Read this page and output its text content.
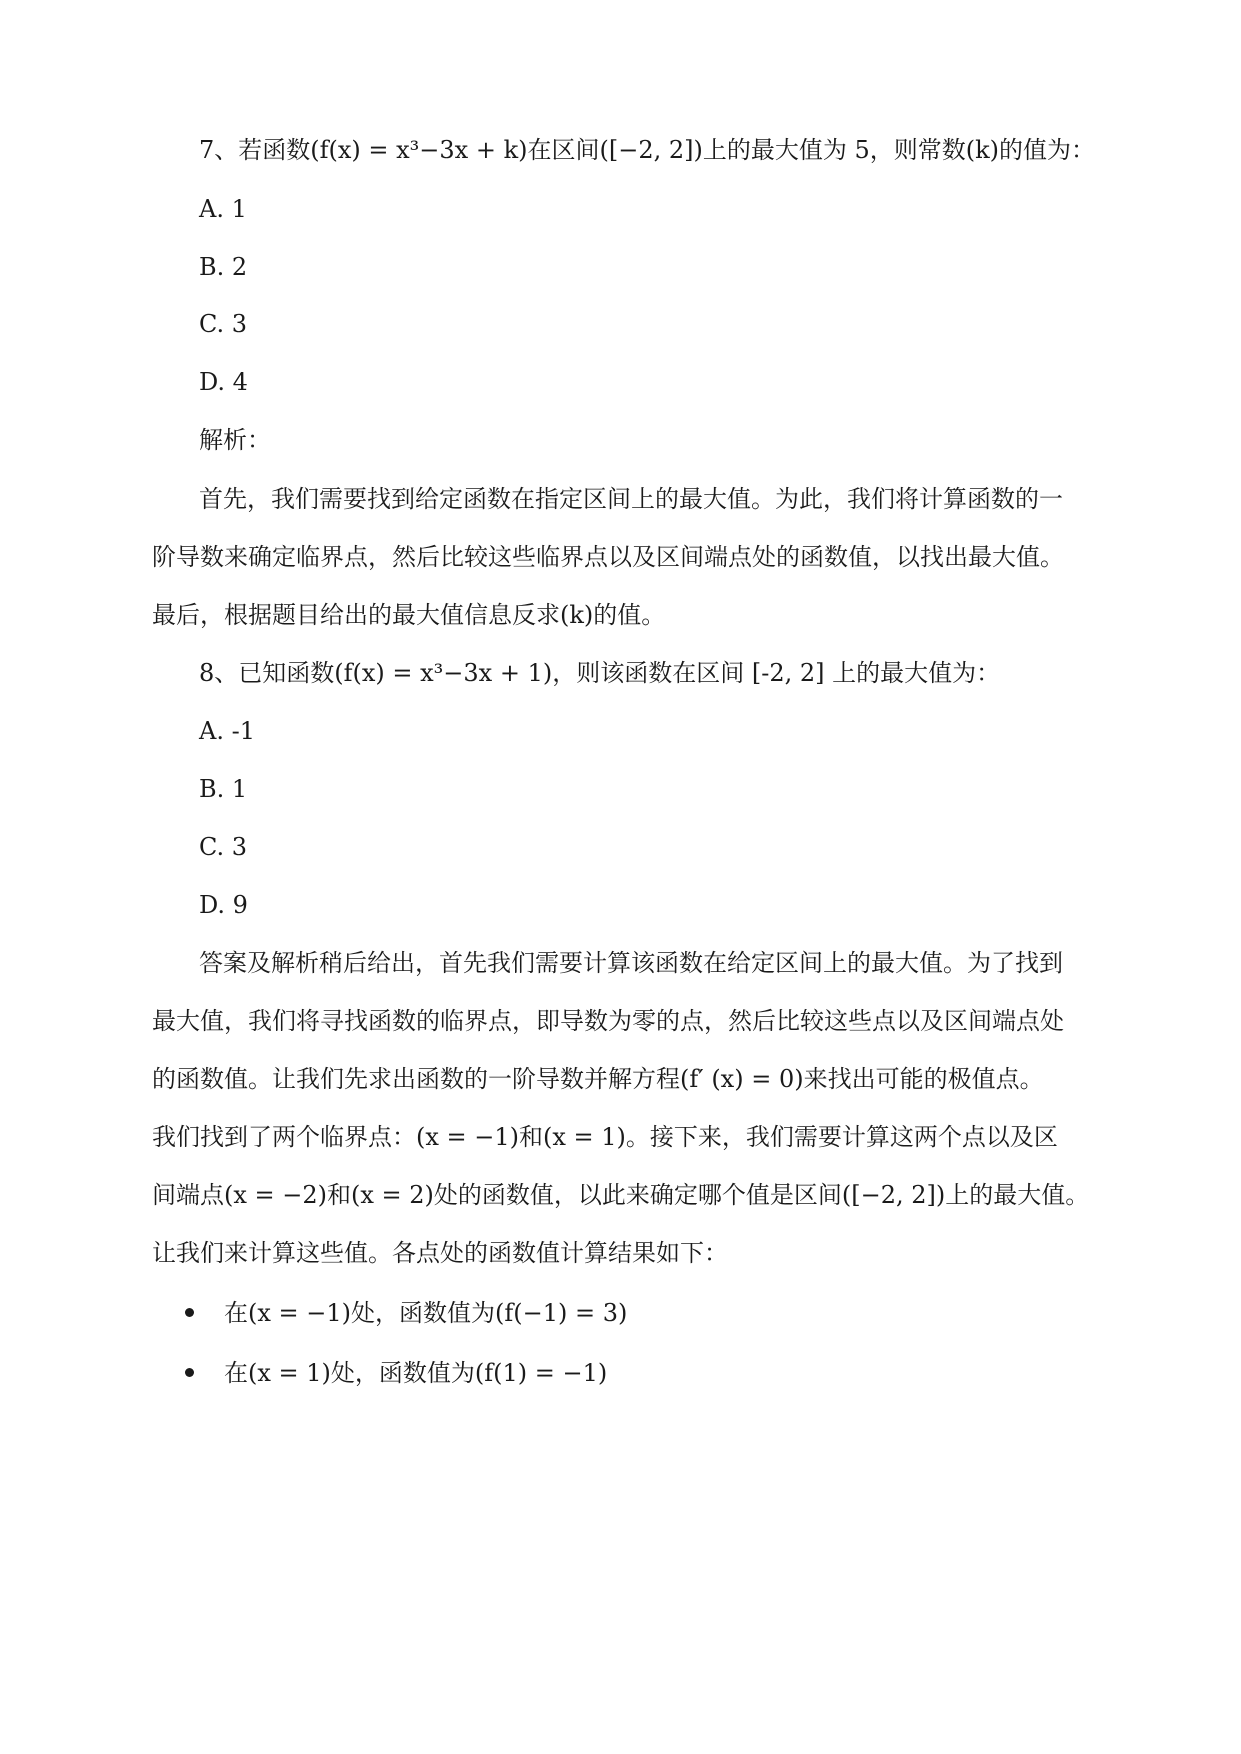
7、若函数(f(x) = x³−3x + k)在区间([−2, 2])上的最大值为 5，则常数(k)的值为：

A. 1

B. 2

C. 3

D. 4

解析：

首先，我们需要找到给定函数在指定区间上的最大值。为此，我们将计算函数的一

阶导数来确定临界点，然后比较这些临界点以及区间端点处的函数值，以找出最大值。

最后，根据题目给出的最大值信息反求(k)的值。

8、已知函数(f(x) = x³−3x + 1)，则该函数在区间 [-2, 2] 上的最大值为：

A. -1

B. 1

C. 3

D. 9

答案及解析稍后给出，首先我们需要计算该函数在给定区间上的最大值。为了找到

最大值，我们将寻找函数的临界点，即导数为零的点，然后比较这些点以及区间端点处

的函数值。让我们先求出函数的一阶导数并解方程(f′ (x) = 0)来找出可能的极值点。

我们找到了两个临界点：(x = −1)和(x = 1)。接下来，我们需要计算这两个点以及区

间端点(x = −2)和(x = 2)处的函数值，以此来确定哪个值是区间([−2, 2])上的最大值。

让我们来计算这些值。各点处的函数值计算结果如下：

在(x = −1)处，函数值为(f(−1) = 3)
在(x = 1)处，函数值为(f(1) = −1)
